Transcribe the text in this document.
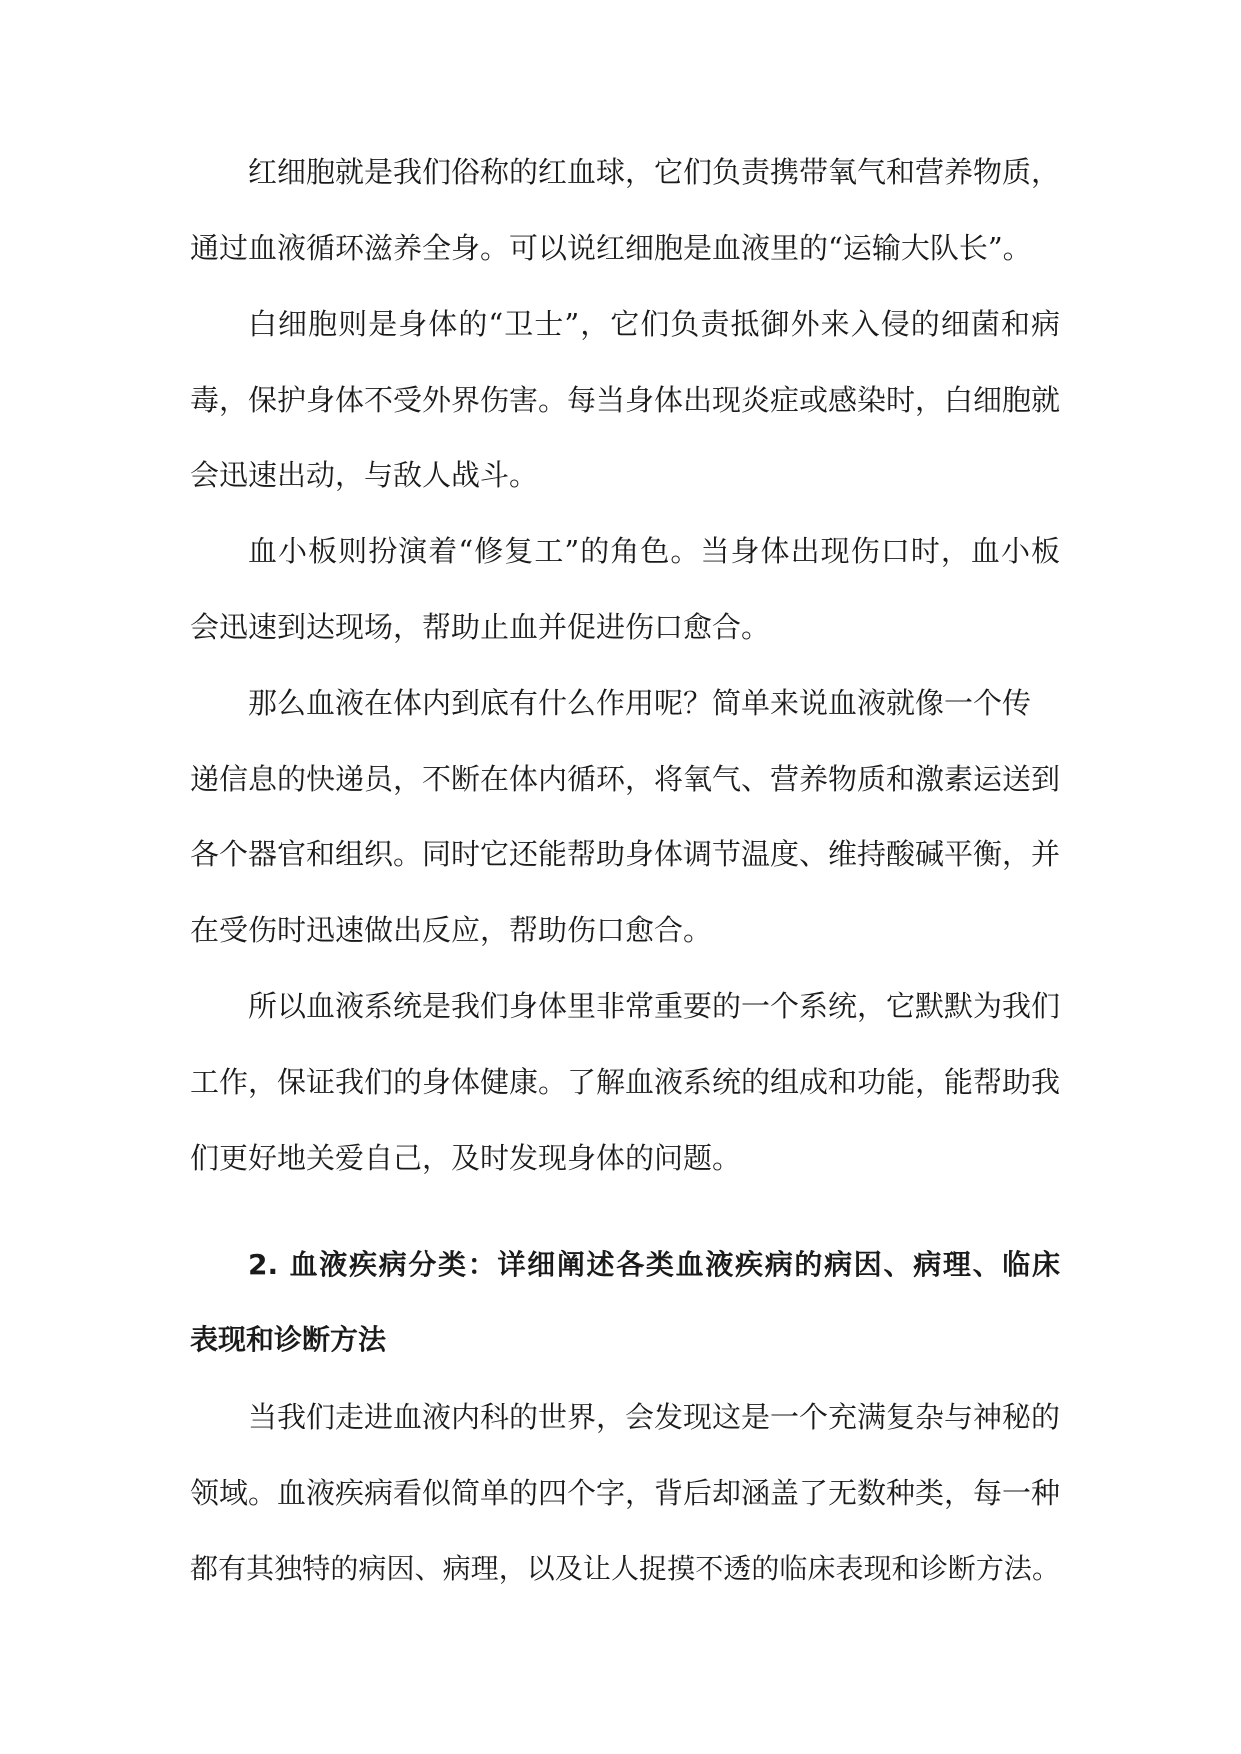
红细胞就是我们俗称的红血球，它们负责携带氧气和营养物质，
通过血液循环滋养全身。可以说红细胞是血液里的“运输大队长”。
白细胞则是身体的“卫士”，它们负责抵御外来入侵的细菌和病
毒，保护身体不受外界伤害。每当身体出现炎症或感染时，白细胞就
会迅速出动，与敌人战斗。
血小板则扮演着“修复工”的角色。当身体出现伤口时，血小板
会迅速到达现场，帮助止血并促进伤口愈合。
那么血液在体内到底有什么作用呢？简单来说血液就像一个传
递信息的快递员，不断在体内循环，将氧气、营养物质和激素运送到
各个器官和组织。同时它还能帮助身体调节温度、维持酸碱平衡，并
在受伤时迅速做出反应，帮助伤口愈合。
所以血液系统是我们身体里非常重要的一个系统，它默默为我们
工作，保证我们的身体健康。了解血液系统的组成和功能，能帮助我
们更好地关爱自己，及时发现身体的问题。
2. 血液疾病分类：详细阐述各类血液疾病的病因、病理、临床
表现和诊断方法
当我们走进血液内科的世界，会发现这是一个充满复杂与神秘的
领域。血液疾病看似简单的四个字，背后却涵盖了无数种类，每一种
都有其独特的病因、病理，以及让人捉摸不透的临床表现和诊断方法。
